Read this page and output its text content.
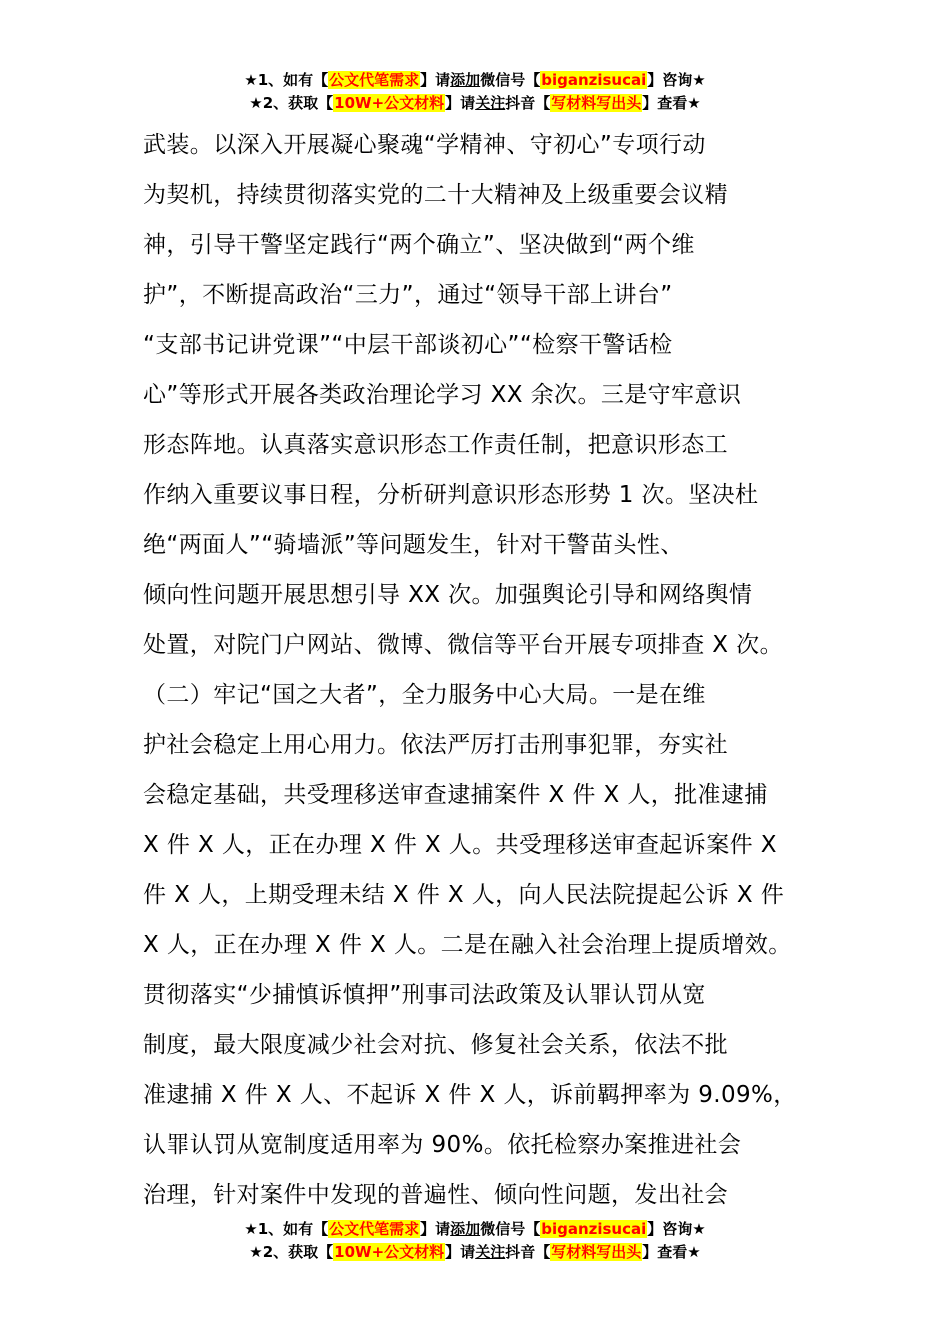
★1、如有【公文代笔需求】请添加微信号【biganzisucai】咨询★
★2、获取【10W+公文材料】请关注抖音【写材料写出头】查看★
武装。以深入开展凝心聚魂“学精神、守初心”专项行动
为契机，持续贯彻落实党的二十大精神及上级重要会议精
神，引导干警坚定践行“两个确立”、坚决做到“两个维
护”，不断提高政治“三力”，通过“领导干部上讲台”
“支部书记讲党课”“中层干部谈初心”“检察干警话检
心”等形式开展各类政治理论学习 XX 余次。三是守牢意识
形态阵地。认真落实意识形态工作责任制，把意识形态工
作纳入重要议事日程，分析研判意识形态形势 1 次。坚决杜
绝“两面人”“骑墙派”等问题发生，针对干警苗头性、
倾向性问题开展思想引导 XX 次。加强舆论引导和网络舆情
处置，对院门户网站、微博、微信等平台开展专项排查 X 次。
（二）牢记“国之大者”，全力服务中心大局。一是在维
护社会稳定上用心用力。依法严厉打击刑事犯罪，夯实社
会稳定基础，共受理移送审查逮捕案件 X 件 X 人，批准逮捕
X 件 X 人，正在办理 X 件 X 人。共受理移送审查起诉案件 X
件 X 人，上期受理未结 X 件 X 人，向人民法院提起公诉 X 件
X 人，正在办理 X 件 X 人。二是在融入社会治理上提质增效。
贯彻落实“少捕慎诉慎押”刑事司法政策及认罪认罚从宽
制度，最大限度减少社会对抗、修复社会关系，依法不批
准逮捕 X 件 X 人、不起诉 X 件 X 人，诉前羁押率为 9.09%，
认罪认罚从宽制度适用率为 90%。依托检察办案推进社会
治理，针对案件中发现的普遍性、倾向性问题，发出社会
★1、如有【公文代笔需求】请添加微信号【biganzisucai】咨询★
★2、获取【10W+公文材料】请关注抖音【写材料写出头】查看★
